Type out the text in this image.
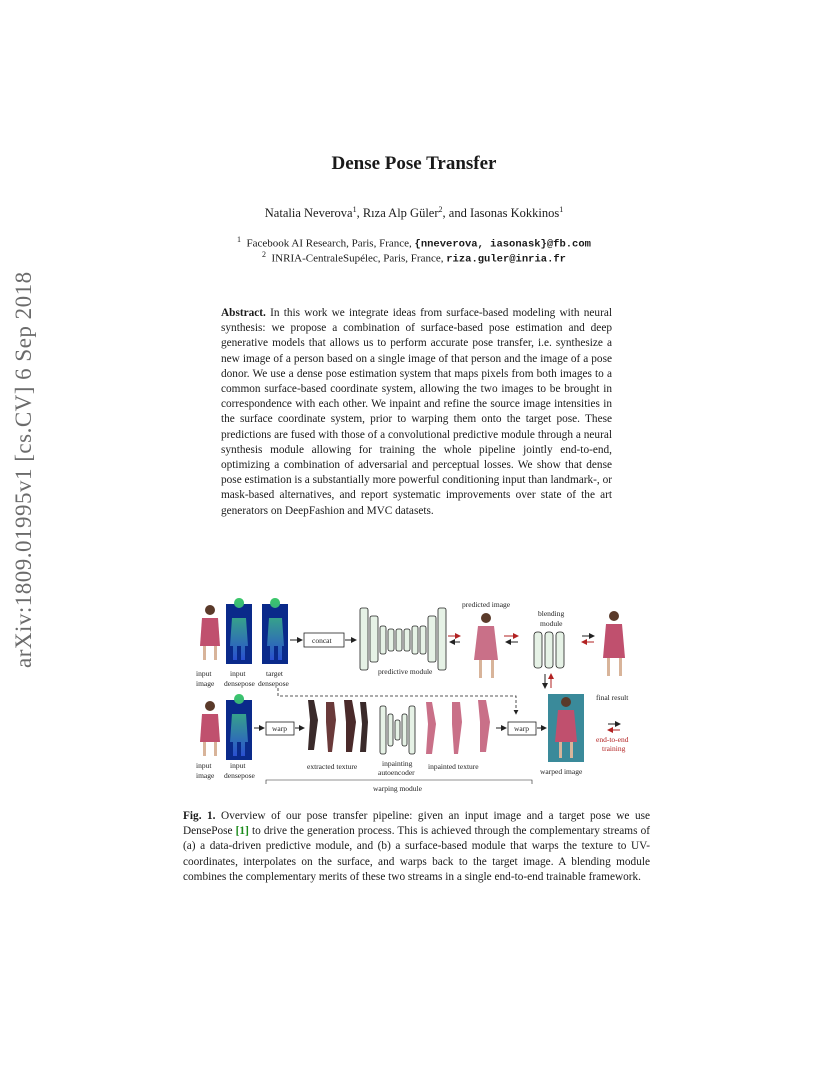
arXiv:1809.01995v1 [cs.CV] 6 Sep 2018
Dense Pose Transfer
Natalia Neverova$^1$, Rıza Alp Güler$^2$, and Iasonas Kokkinos$^1$
$^1$ Facebook AI Research, Paris, France, {nneverova, iasonask}@fb.com
$^2$ INRIA-CentraleSupélec, Paris, France, riza.guler@inria.fr
Abstract. In this work we integrate ideas from surface-based modeling with neural synthesis: we propose a combination of surface-based pose estimation and deep generative models that allows us to perform accurate pose transfer, i.e. synthesize a new image of a person based on a single image of that person and the image of a pose donor. We use a dense pose estimation system that maps pixels from both images to a common surface-based coordinate system, allowing the two images to be brought in correspondence with each other. We inpaint and refine the source image intensities in the surface coordinate system, prior to warping them onto the target pose. These predictions are fused with those of a convolutional predictive module through a neural synthesis module allowing for training the whole pipeline jointly end-to-end, optimizing a combination of adversarial and perceptual losses. We show that dense pose estimation is a substantially more powerful conditioning input than landmark-, or mask-based alternatives, and report systematic improvements over state of the art generators on DeepFashion and MVC datasets.
input
image
input
densepose
target
densepose
concat
predictive module
predicted image
blending
module
final result
input
image
input
densepose
warp
extracted texture	inpainting
autoencoder
inpainted texture
warp
warped image
end-to-end
training
warping module
Fig. 1. Overview of our pose transfer pipeline: given an input image and a target pose we use DensePose [1] to drive the generation process. This is achieved through the complementary streams of (a) a data-driven predictive module, and (b) a surface-based module that warps the texture to UV-coordinates, interpolates on the surface, and warps back to the target image. A blending module combines the complementary merits of these two streams in a single end-to-end trainable framework.
